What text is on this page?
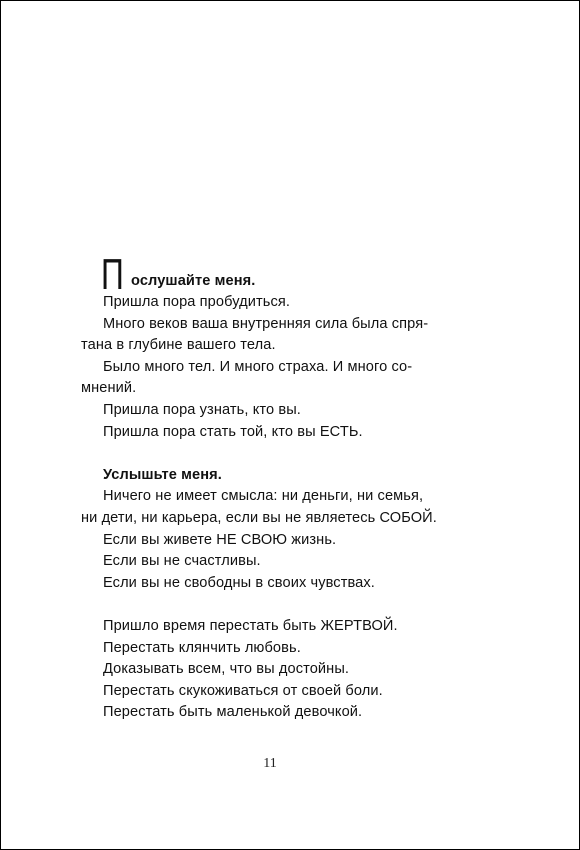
П ослушайте меня.

Пришла пора пробудиться.

Много веков ваша внутренняя сила была спря-

тана в глубине вашего тела.

Было много тел. И много страха. И много со-

мнений.

Пришла пора узнать, кто вы.

Пришла пора стать той, кто вы ЕСТЬ.

Услышьте меня.

Ничего не имеет смысла: ни деньги, ни семья,

ни дети, ни карьера, если вы не являетесь СОБОЙ.

Если вы живете НЕ СВОЮ жизнь.

Если вы не счастливы.

Если вы не свободны в своих чувствах.

Пришло время перестать быть ЖЕРТВОЙ.

Перестать клянчить любовь.

Доказывать всем, что вы достойны.

Перестать скукоживаться от своей боли.

Перестать быть маленькой девочкой.

11
